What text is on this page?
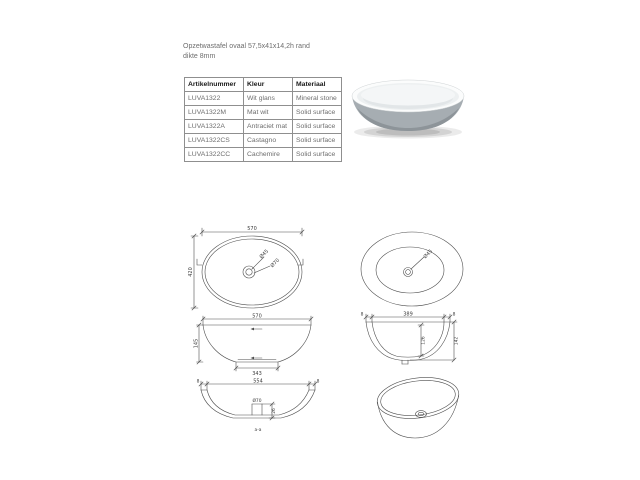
Opzetwastafel ovaal 57,5x41x14,2h rand
dikte 8mm
Artikelnummer	Kleur	Materiaal
LUVA1322	Wit glans	Mineral stone
LUVA1322M	Mat wit	Solid surface
LUVA1322A	Antraciet mat	Solid surface
LUVA1322CS	Castagno	Solid surface
LUVA1322CC	Cachemire	Solid surface
570
420
Ø45
Ø70
570
145
343
8	554	8
Ø70
26
a-a
Ø45
8	389	8
126	142
